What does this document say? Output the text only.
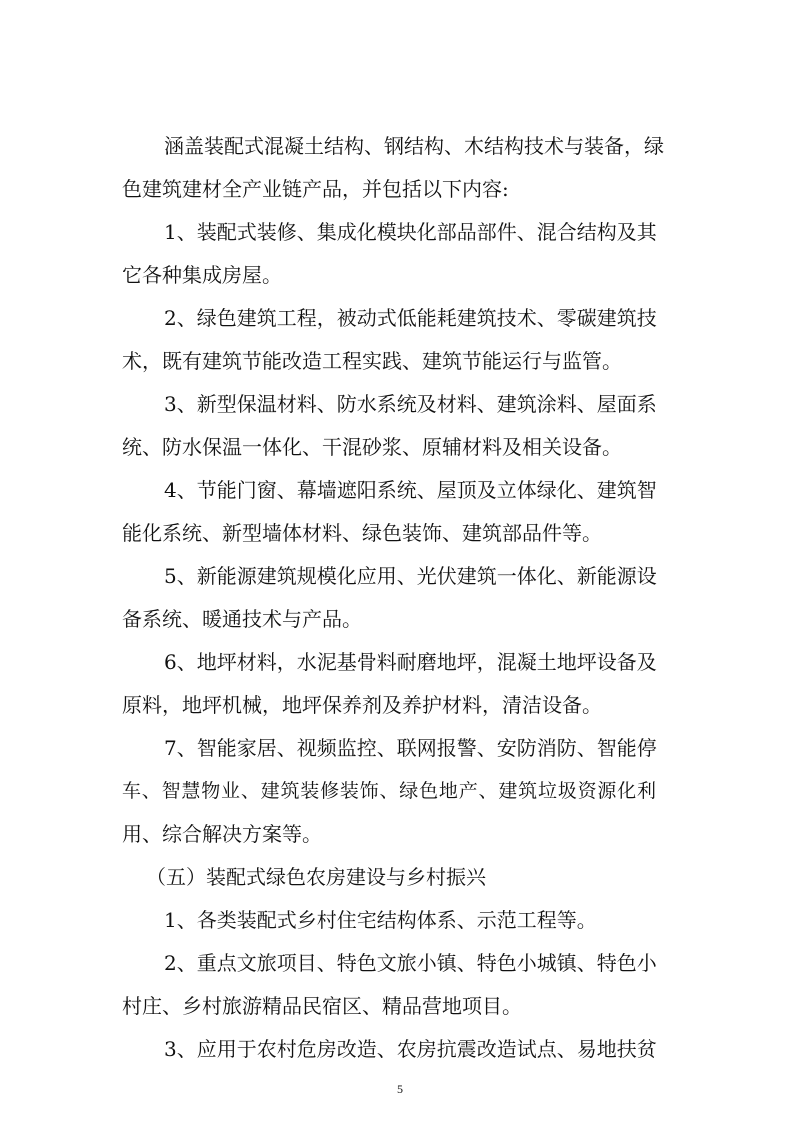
涵盖装配式混凝土结构、钢结构、木结构技术与装备，绿
色建筑建材全产业链产品，并包括以下内容:
1、装配式装修、集成化模块化部品部件、混合结构及其
它各种集成房屋。
2、绿色建筑工程，被动式低能耗建筑技术、零碳建筑技
术，既有建筑节能改造工程实践、建筑节能运行与监管。
3、新型保温材料、防水系统及材料、建筑涂料、屋面系
统、防水保温一体化、干混砂浆、原辅材料及相关设备。
4、节能门窗、幕墙遮阳系统、屋顶及立体绿化、建筑智
能化系统、新型墙体材料、绿色装饰、建筑部品件等。
5、新能源建筑规模化应用、光伏建筑一体化、新能源设
备系统、暖通技术与产品。
6、地坪材料，水泥基骨料耐磨地坪，混凝土地坪设备及
原料，地坪机械，地坪保养剂及养护材料，清洁设备。
7、智能家居、视频监控、联网报警、安防消防、智能停
车、智慧物业、建筑装修装饰、绿色地产、建筑垃圾资源化利
用、综合解决方案等。
（五）装配式绿色农房建设与乡村振兴
1、各类装配式乡村住宅结构体系、示范工程等。
2、重点文旅项目、特色文旅小镇、特色小城镇、特色小
村庄、乡村旅游精品民宿区、精品营地项目。
3、应用于农村危房改造、农房抗震改造试点、易地扶贫
5
